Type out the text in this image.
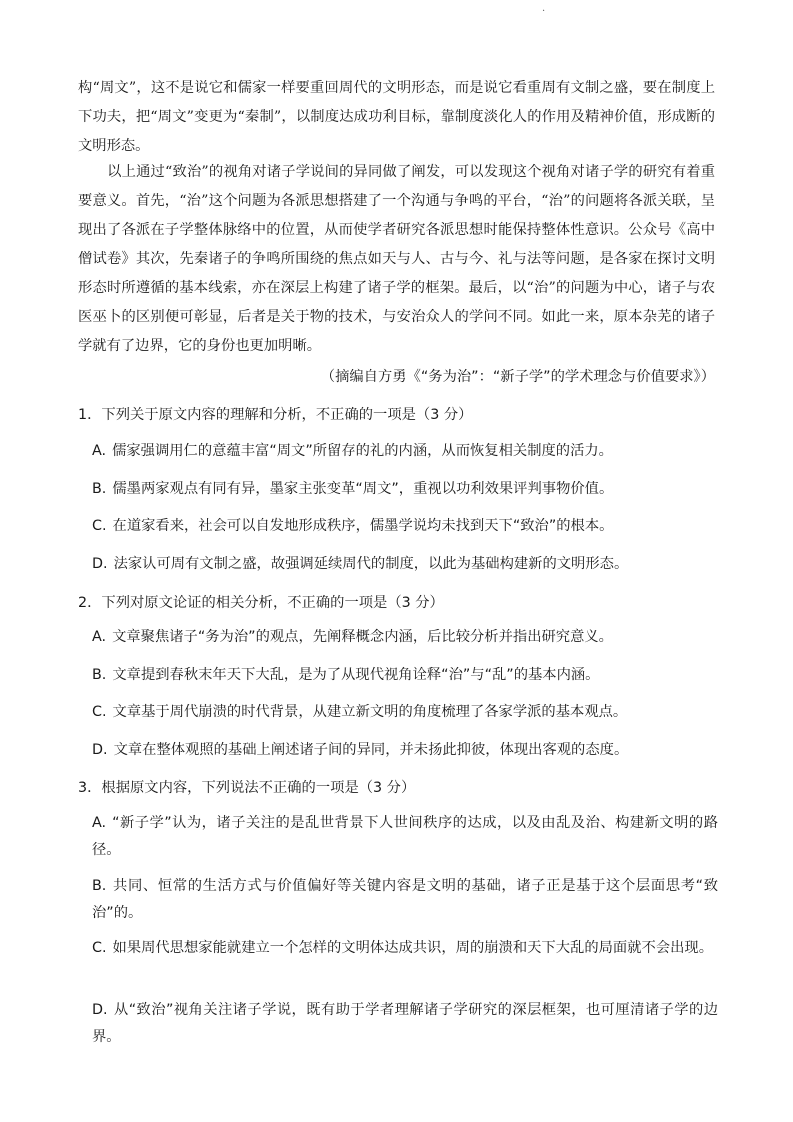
·

构“周文”，这不是说它和儒家一样要重回周代的文明形态，而是说它看重周有文制之盛，要在制度上下功夫，把“周文”变更为“秦制”，以制度达成功利目标，靠制度淡化人的作用及精神价值，形成断的文明形态。

以上通过“致治”的视角对诸子学说间的异同做了阐发，可以发现这个视角对诸子学的研究有着重要意义。首先，“治”这个问题为各派思想搭建了一个沟通与争鸣的平台，“治”的问题将各派关联，呈现出了各派在子学整体脉络中的位置，从而使学者研究各派思想时能保持整体性意识。公众号《高中僧试卷》其次，先秦诸子的争鸣所围绕的焦点如天与人、古与今、礼与法等问题，是各家在探讨文明形态时所遵循的基本线索，亦在深层上构建了诸子学的框架。最后，以“治”的问题为中心，诸子与农医巫卜的区别便可彰显，后者是关于物的技术，与安治众人的学问不同。如此一来，原本杂芜的诸子学就有了边界，它的身份也更加明晰。

（摘编自方勇《“务为治”：“新子学”的学术理念与价值要求》）

1．下列关于原文内容的理解和分析，不正确的一项是（3 分）

A. 儒家强调用仁的意蕴丰富“周文”所留存的礼的内涵，从而恢复相关制度的活力。

B. 儒墨两家观点有同有异，墨家主张变革“周文”，重视以功利效果评判事物价值。

C. 在道家看来，社会可以自发地形成秩序，儒墨学说均未找到天下“致治”的根本。

D. 法家认可周有文制之盛，故强调延续周代的制度，以此为基础构建新的文明形态。

2．下列对原文论证的相关分析，不正确的一项是（3 分）

A. 文章聚焦诸子“务为治”的观点，先阐释概念内涵，后比较分析并指出研究意义。

B. 文章提到春秋末年天下大乱，是为了从现代视角诠释“治”与“乱”的基本内涵。

C. 文章基于周代崩溃的时代背景，从建立新文明的角度梳理了各家学派的基本观点。

D. 文章在整体观照的基础上阐述诸子间的异同，并未扬此抑彼，体现出客观的态度。

3．根据原文内容，下列说法不正确的一项是（3 分）

A. “新子学”认为，诸子关注的是乱世背景下人世间秩序的达成，以及由乱及治、构建新文明的路径。

B. 共同、恒常的生活方式与价值偏好等关键内容是文明的基础，诸子正是基于这个层面思考“致治”的。

C. 如果周代思想家能就建立一个怎样的文明体达成共识，周的崩溃和天下大乱的局面就不会出现。

D. 从“致治”视角关注诸子学说，既有助于学者理解诸子学研究的深层框架，也可厘清诸子学的边界。
